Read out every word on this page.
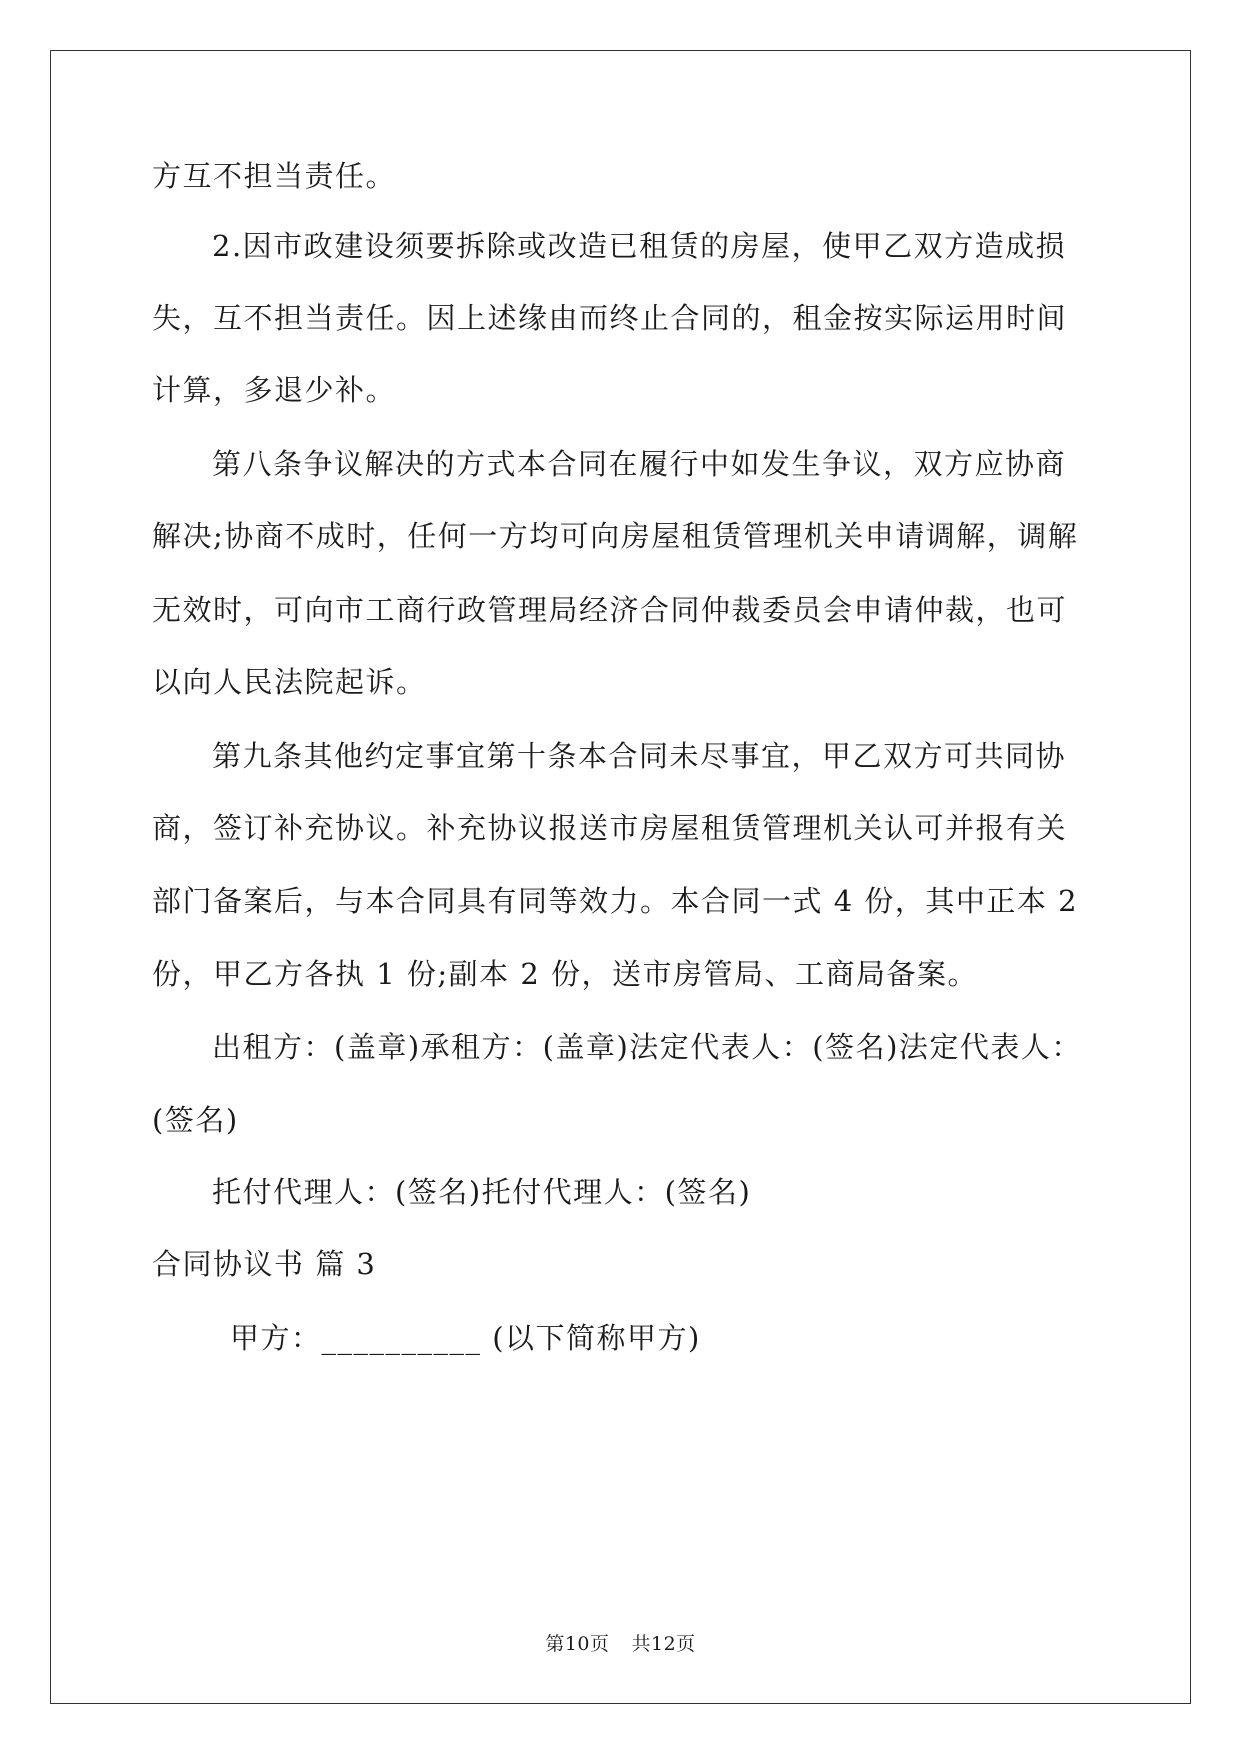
方互不担当责任。
2.因市政建设须要拆除或改造已租赁的房屋，使甲乙双方造成损
失，互不担当责任。因上述缘由而终止合同的，租金按实际运用时间
计算，多退少补。
第八条争议解决的方式本合同在履行中如发生争议，双方应协商
解决;协商不成时，任何一方均可向房屋租赁管理机关申请调解，调解
无效时，可向市工商行政管理局经济合同仲裁委员会申请仲裁，也可
以向人民法院起诉。
第九条其他约定事宜第十条本合同未尽事宜，甲乙双方可共同协
商，签订补充协议。补充协议报送市房屋租赁管理机关认可并报有关
部门备案后，与本合同具有同等效力。本合同一式 4 份，其中正本 2
份，甲乙方各执 1 份;副本 2 份，送市房管局、工商局备案。
出租方：(盖章)承租方：(盖章)法定代表人：(签名)法定代表人：
(签名)
托付代理人：(签名)托付代理人：(签名)
合同协议书 篇 3
甲方：__________ (以下简称甲方)
第10页 共12页
